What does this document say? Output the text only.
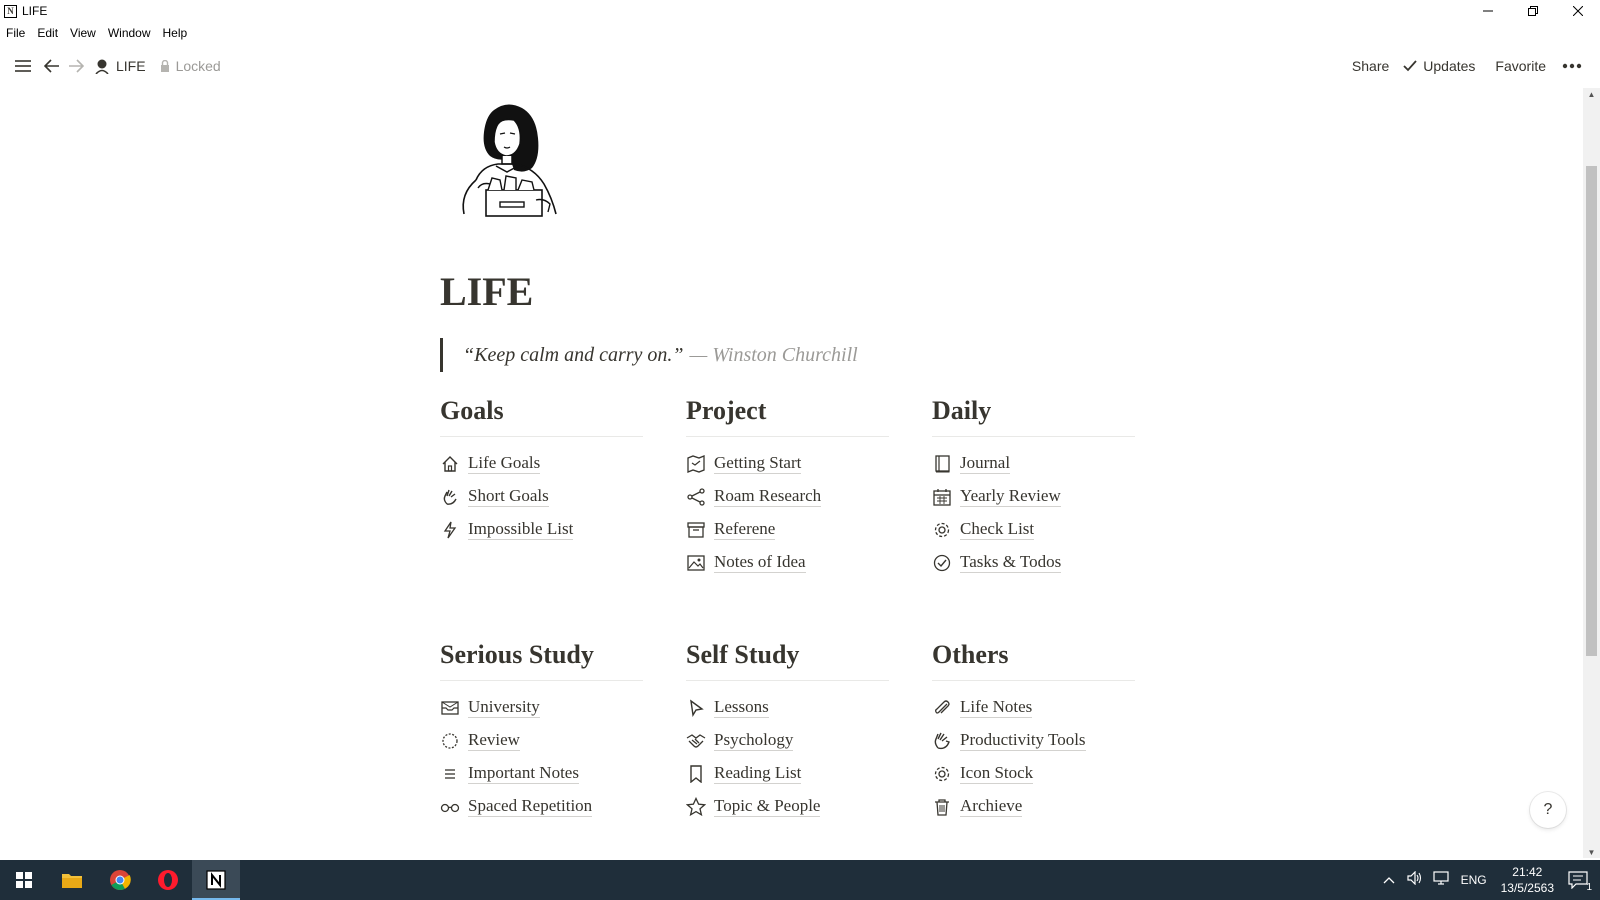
N LIFE
File Edit View Window Help
LIFE Locked	Share Updates Favorite
▲
▼
LIFE
“Keep calm and carry on.” — Winston Churchill
Goals
Life Goals
Short Goals
Impossible List
Project
Getting Start
Roam Research
Referene
Notes of Idea
Daily
Journal
Yearly Review
Check List
Tasks & Todos
Serious Study
University
Review
Important Notes
Spaced Repetition
Self Study
Lessons
Psychology
Reading List
Topic & People
Others
Life Notes
Productivity Tools
Icon Stock
Archieve	?
ENG
21:42
13/5/2563	1
